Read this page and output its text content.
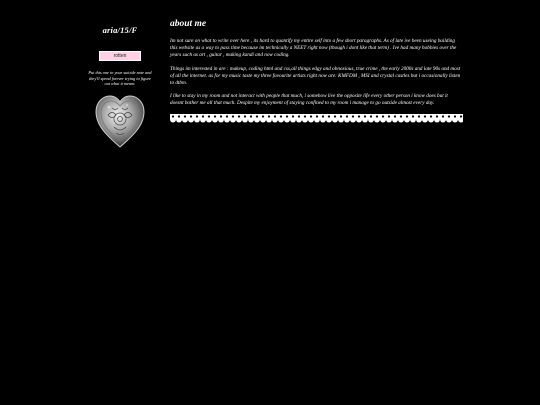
aria/15/F
rotten
Put this one in your suicide note and they'll spend forever trying to figure out what it meant.
about me

Im not sure on what to write over here , its hard to quantify my entire self into a few short paragraphs. As of late ive been useing building this website as a way to pass time because im technically a NEET right now (though i dont like that term) . Ive had many hobbies over the years such as art , guitar , making kandi and now coding.

Things im interested in are : makeup, coding html and css,all things edgy and obnoxious, true crime , the early 2000s and late 90s and most of all the internet. as for my music taste my three favourite artists right now are: KMFDM , MSI and crystal castles but i occasionally listen to dtbm.

I like to stay in my room and not interact with people that much, i somehow live the opposite life every other person i know does but it doesnt bother me all that much. Despite my enjoyment of staying confined to my room i manage to go outside almost every day.
